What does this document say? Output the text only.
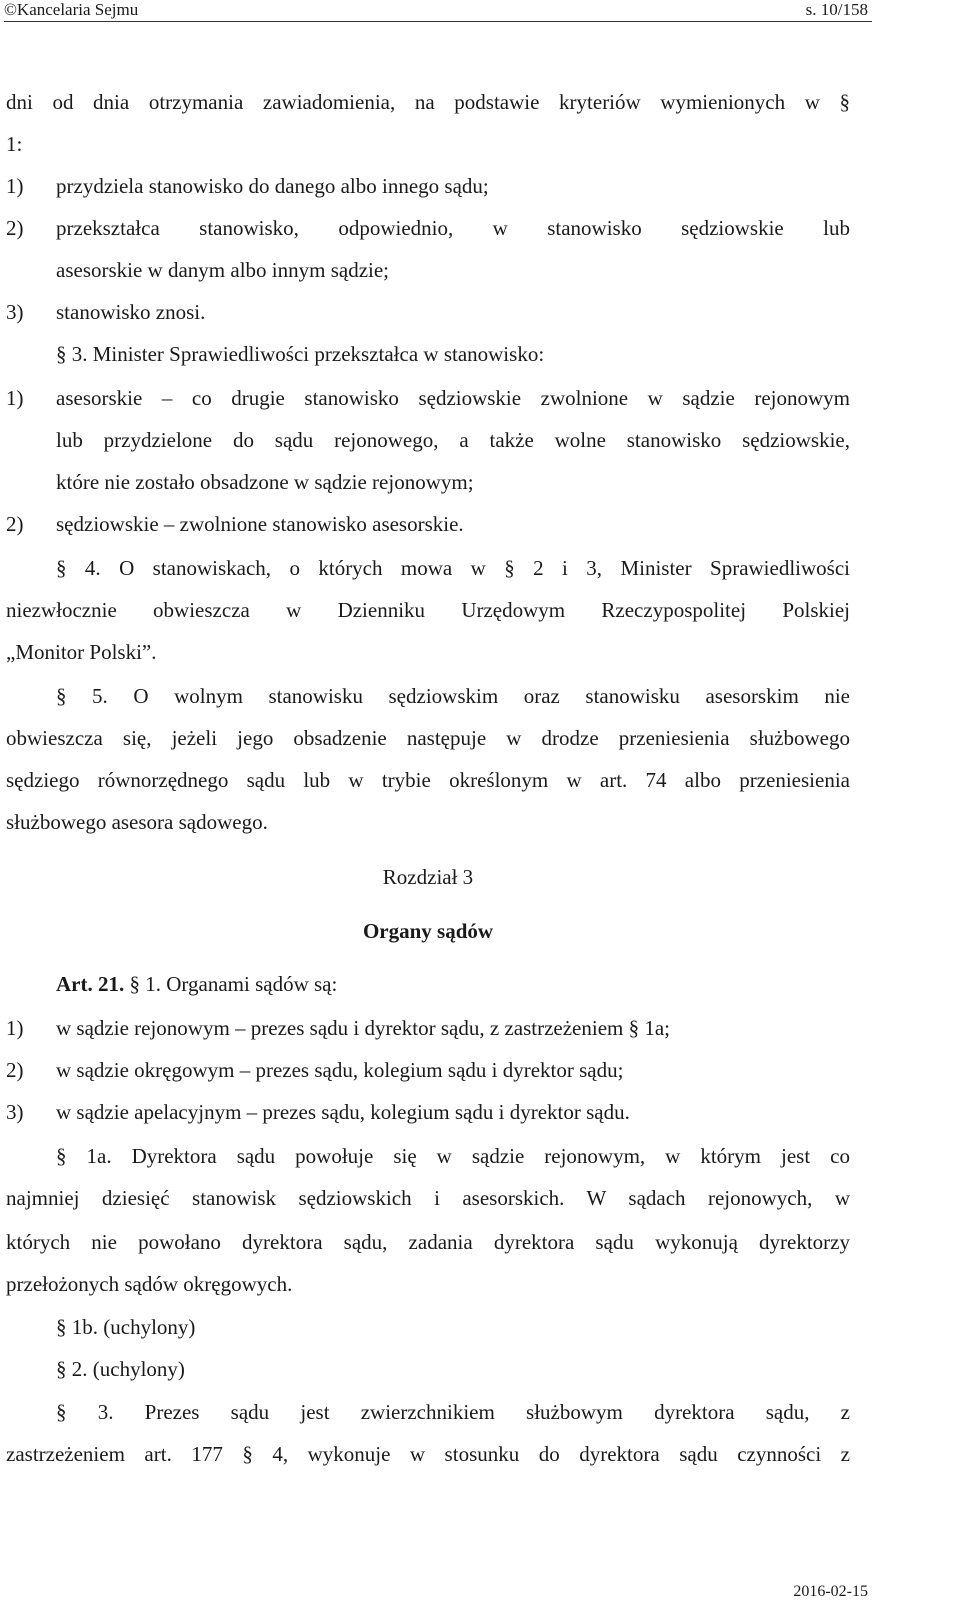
©Kancelaria Sejmu	s. 10/158
dni od dnia otrzymania zawiadomienia, na podstawie kryteriów wymienionych w §
1:
1) przydziela stanowisko do danego albo innego sądu;
2) przekształca stanowisko, odpowiednio, w stanowisko sędziowskie lub
asesorskie w danym albo innym sądzie;
3) stanowisko znosi.
§ 3. Minister Sprawiedliwości przekształca w stanowisko:
1) asesorskie – co drugie stanowisko sędziowskie zwolnione w sądzie rejonowym
lub przydzielone do sądu rejonowego, a także wolne stanowisko sędziowskie,
które nie zostało obsadzone w sądzie rejonowym;
2) sędziowskie – zwolnione stanowisko asesorskie.
§ 4. O stanowiskach, o których mowa w § 2 i 3, Minister Sprawiedliwości
niezwłocznie obwieszcza w Dzienniku Urzędowym Rzeczypospolitej Polskiej
„Monitor Polski”.
§ 5. O wolnym stanowisku sędziowskim oraz stanowisku asesorskim nie
obwieszcza się, jeżeli jego obsadzenie następuje w drodze przeniesienia służbowego
sędziego równorzędnego sądu lub w trybie określonym w art. 74 albo przeniesienia
służbowego asesora sądowego.
Rozdział 3
Organy sądów
Art. 21. § 1. Organami sądów są:
1) w sądzie rejonowym – prezes sądu i dyrektor sądu, z zastrzeżeniem § 1a;
2) w sądzie okręgowym – prezes sądu, kolegium sądu i dyrektor sądu;
3) w sądzie apelacyjnym – prezes sądu, kolegium sądu i dyrektor sądu.
§ 1a. Dyrektora sądu powołuje się w sądzie rejonowym, w którym jest co
najmniej dziesięć stanowisk sędziowskich i asesorskich. W sądach rejonowych, w
których nie powołano dyrektora sądu, zadania dyrektora sądu wykonują dyrektorzy
przełożonych sądów okręgowych.
§ 1b. (uchylony)
§ 2. (uchylony)
§ 3. Prezes sądu jest zwierzchnikiem służbowym dyrektora sądu, z
zastrzeżeniem art. 177 § 4, wykonuje w stosunku do dyrektora sądu czynności z
2016-02-15
